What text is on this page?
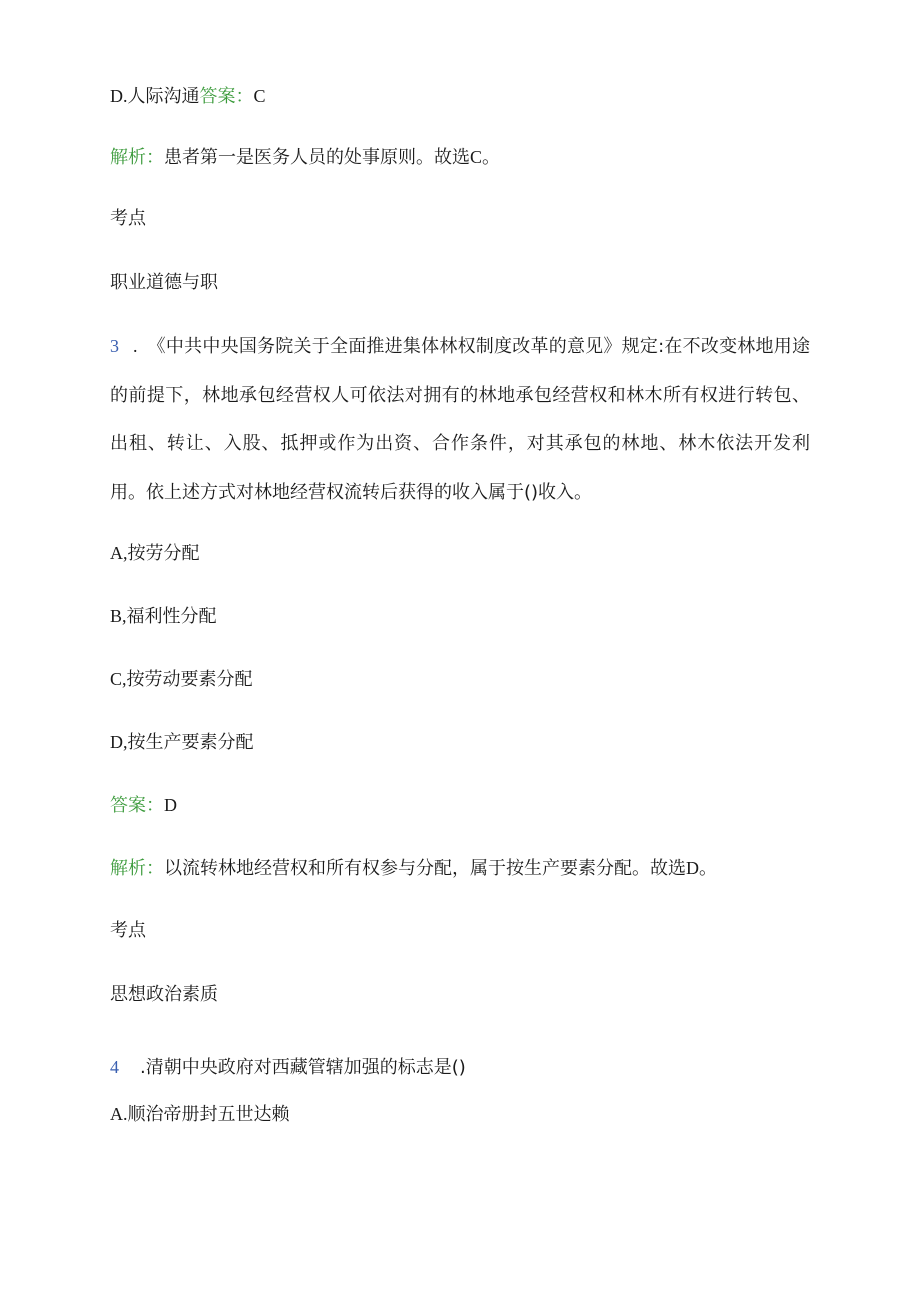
D.人际沟通答案：C
解析：患者第一是医务人员的处事原则。故选C。
考点
职业道德与职
3 . 《中共中央国务院关于全面推进集体林权制度改革的意见》规定:在不改变林地用途的前提下，林地承包经营权人可依法对拥有的林地承包经营权和林木所有权进行转包、出租、转让、入股、抵押或作为出资、合作条件，对其承包的林地、林木依法开发利用。依上述方式对林地经营权流转后获得的收入属于()收入。
A,按劳分配
B,福利性分配
C,按劳动要素分配
D,按生产要素分配
答案：D
解析：以流转林地经营权和所有权参与分配，属于按生产要素分配。故选D。
考点
思想政治素质
4 .清朝中央政府对西藏管辖加强的标志是()
A.顺治帝册封五世达赖
